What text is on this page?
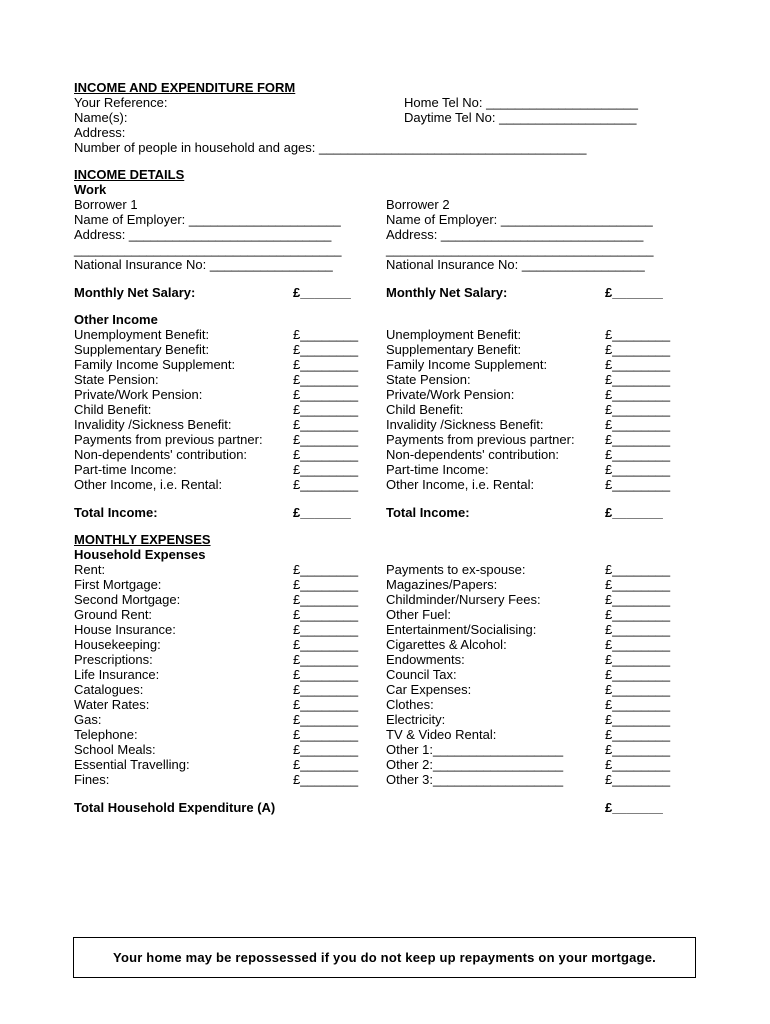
INCOME AND EXPENDITURE FORM
Your Reference:
Name(s):
Address:
Number of people in household and ages: _____________________________________
Home Tel No: _____________________
Daytime Tel No: ___________________
INCOME DETAILS
Work
Borrower 1
Name of Employer: _____________________
Address: ____________________________
_____________________________________
National Insurance No: _________________
Borrower 2
Name of Employer: _____________________
Address: ____________________________
_____________________________________
National Insurance No: _________________
Monthly Net Salary:	£_______	Monthly Net Salary:	£_______
Other Income
Unemployment Benefit:	£________ Unemployment Benefit:	£________
Supplementary Benefit:	£________ Supplementary Benefit:	£________
Family Income Supplement:	£________ Family Income Supplement:	£________
State Pension:	£________ State Pension:	£________
Private/Work Pension:	£________ Private/Work Pension:	£________
Child Benefit:	£________ Child Benefit:	£________
Invalidity /Sickness Benefit:	£________ Invalidity /Sickness Benefit:	£________
Payments from previous partner: £________ Payments from previous partner: £________
Non-dependents' contribution:	£________ Non-dependents' contribution:	£________
Part-time Income:	£________ Part-time Income:	£________
Other Income, i.e. Rental:	£________ Other Income, i.e. Rental:	£________
Total Income:	£_______	Total Income:	£_______
MONTHLY EXPENSES
Household Expenses
Rent:	£________
First Mortgage:	£________
Second Mortgage:	£________
Ground Rent:	£________
House Insurance:	£________
Housekeeping:	£________
Prescriptions:	£________
Life Insurance:	£________
Catalogues:	£________
Water Rates:	£________
Gas:	£________
Telephone:	£________
School Meals:	£________
Essential Travelling:	£________
Fines:	£________
Payments to ex-spouse:	£________
Magazines/Papers:	£________
Childminder/Nursery Fees:	£________
Other Fuel:	£________
Entertainment/Socialising:	£________
Cigarettes & Alcohol:	£________
Endowments:	£________
Council Tax:	£________
Car Expenses:	£________
Clothes:	£________
Electricity:	£________
TV & Video Rental:	£________
Other 1:__________________	£________
Other 2:__________________	£________
Other 3:__________________	£________
Total Household Expenditure (A)	£_______
Your home may be repossessed if you do not keep up repayments on your mortgage.
